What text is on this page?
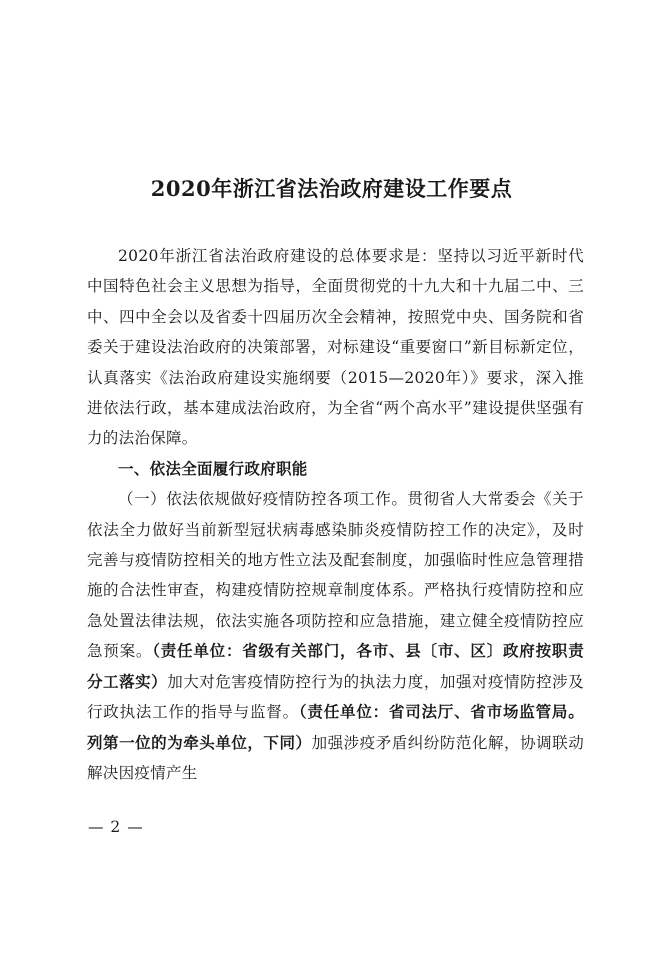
2020年浙江省法治政府建设工作要点

2020年浙江省法治政府建设的总体要求是：坚持以习近平新时代中国特色社会主义思想为指导，全面贯彻党的十九大和十九届二中、三中、四中全会以及省委十四届历次全会精神，按照党中央、国务院和省委关于建设法治政府的决策部署，对标建设“重要窗口”新目标新定位，认真落实《法治政府建设实施纲要（2015—2020年）》要求，深入推进依法行政，基本建成法治政府，为全省“两个高水平”建设提供坚强有力的法治保障。

一、依法全面履行政府职能

（一）依法依规做好疫情防控各项工作。贯彻省人大常委会《关于依法全力做好当前新型冠状病毒感染肺炎疫情防控工作的决定》，及时完善与疫情防控相关的地方性立法及配套制度，加强临时性应急管理措施的合法性审查，构建疫情防控规章制度体系。严格执行疫情防控和应急处置法律法规，依法实施各项防控和应急措施，建立健全疫情防控应急预案。（责任单位：省级有关部门，各市、县〔市、区〕政府按职责分工落实）加大对危害疫情防控行为的执法力度，加强对疫情防控涉及行政执法工作的指导与监督。（责任单位：省司法厅、省市场监管局。列第一位的为牵头单位，下同）加强涉疫矛盾纠纷防范化解，协调联动解决因疫情产生

— 2 —
